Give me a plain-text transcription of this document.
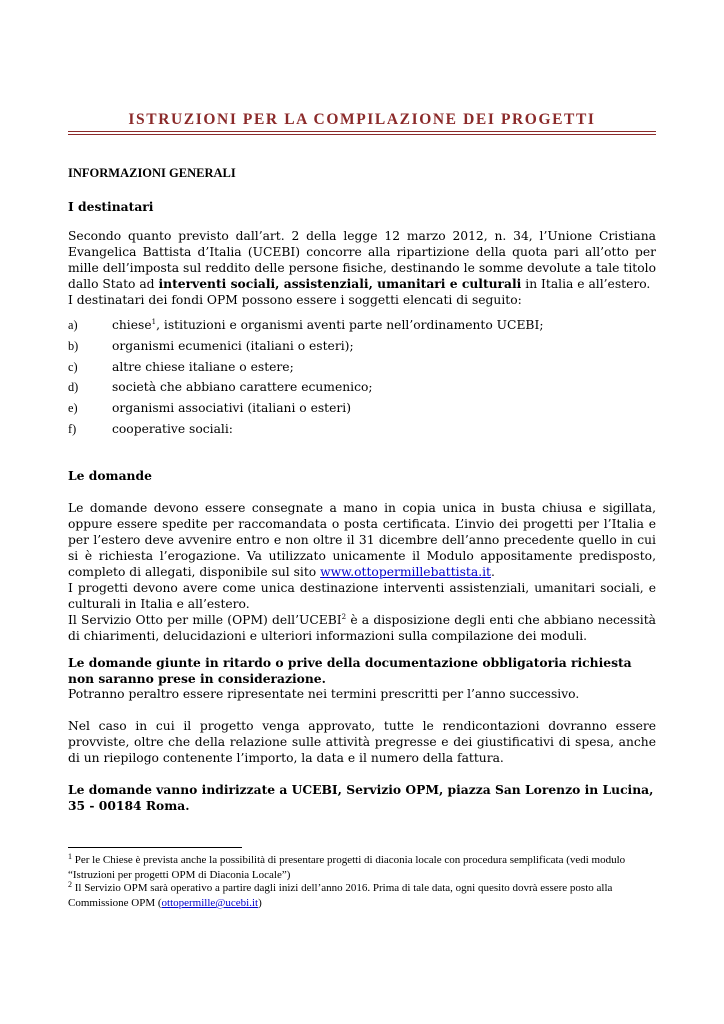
ISTRUZIONI PER LA COMPILAZIONE DEI PROGETTI

INFORMAZIONI GENERALI

I destinatari

Secondo quanto previsto dall’art. 2 della legge 12 marzo 2012, n. 34, l’Unione Cristiana Evangelica Battista d’Italia (UCEBI) concorre alla ripartizione della quota pari all’otto per mille dell’imposta sul reddito delle persone fisiche, destinando le somme devolute a tale titolo dallo Stato ad interventi sociali, assistenziali, umanitari e culturali in Italia e all’estero.
I destinatari dei fondi OPM possono essere i soggetti elencati di seguito:

a)	chiese$^1$, istituzioni e organismi aventi parte nell’ordinamento UCEBI;
b)	organismi ecumenici (italiani o esteri);
c)	altre chiese italiane o estere;
d)	società che abbiano carattere ecumenico;
e)	organismi associativi (italiani o esteri)
f)	cooperative sociali:

Le domande

Le domande devono essere consegnate a mano in copia unica in busta chiusa e sigillata, oppure essere spedite per raccomandata o posta certificata. L’invio dei progetti per l’Italia e per l’estero deve avvenire entro e non oltre il 31 dicembre dell’anno precedente quello in cui si è richiesta l’erogazione. Va utilizzato unicamente il Modulo appositamente predisposto, completo di allegati, disponibile sul sito www.ottopermillebattista.it.
I progetti devono avere come unica destinazione interventi assistenziali, umanitari sociali, e culturali in Italia e all’estero.
Il Servizio Otto per mille (OPM) dell’UCEBI$^2$ è a disposizione degli enti che abbiano necessità di chiarimenti, delucidazioni e ulteriori informazioni sulla compilazione dei moduli.

Le domande giunte in ritardo o prive della documentazione obbligatoria richiesta non saranno prese in considerazione.

Potranno peraltro essere ripresentate nei termini prescritti per l’anno successivo.

Nel caso in cui il progetto venga approvato, tutte le rendicontazioni dovranno essere provviste, oltre che della relazione sulle attività pregresse e dei giustificativi di spesa, anche di un riepilogo contenente l’importo, la data e il numero della fattura.

Le domande vanno indirizzate a UCEBI, Servizio OPM, piazza San Lorenzo in Lucina, 35 - 00184 Roma.

$^1$ Per le Chiese è prevista anche la possibilità di presentare progetti di diaconia locale con procedura semplificata (vedi modulo “Istruzioni per progetti OPM di Diaconia Locale”)

$^2$ Il Servizio OPM sarà operativo a partire dagli inizi dell’anno 2016. Prima di tale data, ogni quesito dovrà essere posto alla Commissione OPM (ottopermille@ucebi.it)
